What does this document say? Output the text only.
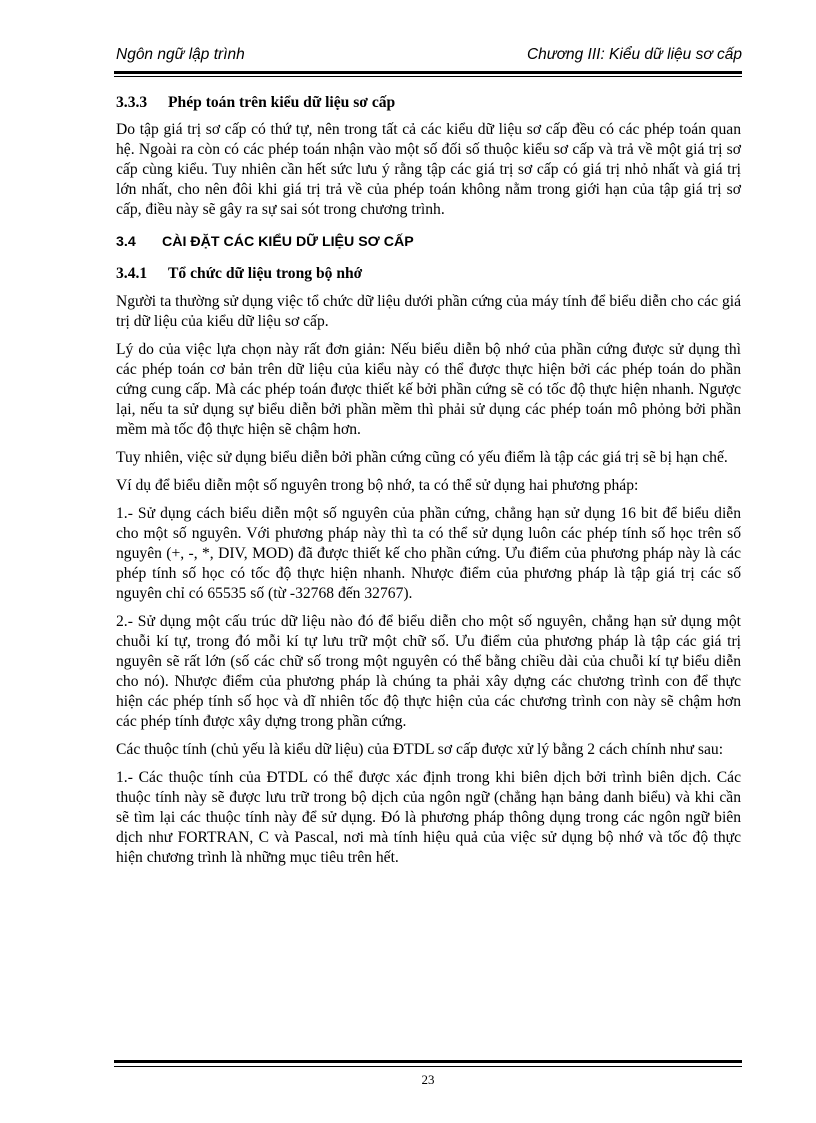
Ngôn ngữ lập trình	Chương III: Kiểu dữ liệu sơ cấp
3.3.3 Phép toán trên kiểu dữ liệu sơ cấp

Do tập giá trị sơ cấp có thứ tự, nên trong tất cả các kiểu dữ liệu sơ cấp đều có các phép toán quan hệ. Ngoài ra còn có các phép toán nhận vào một số đối số thuộc kiểu sơ cấp và trả về một giá trị sơ cấp cùng kiểu. Tuy nhiên cần hết sức lưu ý rằng tập các giá trị sơ cấp có giá trị nhỏ nhất và giá trị lớn nhất, cho nên đôi khi giá trị trả về của phép toán không nằm trong giới hạn của tập giá trị sơ cấp, điều này sẽ gây ra sự sai sót trong chương trình.

3.4 CÀI ĐẶT CÁC KIỂU DỮ LIỆU SƠ CẤP
3.4.1 Tổ chức dữ liệu trong bộ nhớ

Người ta thường sử dụng việc tổ chức dữ liệu dưới phần cứng của máy tính để biểu diễn cho các giá trị dữ liệu của kiểu dữ liệu sơ cấp.

Lý do của việc lựa chọn này rất đơn giản: Nếu biểu diễn bộ nhớ của phần cứng được sử dụng thì các phép toán cơ bản trên dữ liệu của kiểu này có thể được thực hiện bởi các phép toán do phần cứng cung cấp. Mà các phép toán được thiết kế bởi phần cứng sẽ có tốc độ thực hiện nhanh. Ngược lại, nếu ta sử dụng sự biểu diễn bởi phần mềm thì phải sử dụng các phép toán mô phỏng bởi phần mềm mà tốc độ thực hiện sẽ chậm hơn.

Tuy nhiên, việc sử dụng biểu diễn bởi phần cứng cũng có yếu điểm là tập các giá trị sẽ bị hạn chế.

Ví dụ để biểu diễn một số nguyên trong bộ nhớ, ta có thể sử dụng hai phương pháp:

1.- Sử dụng cách biểu diễn một số nguyên của phần cứng, chẳng hạn sử dụng 16 bit để biểu diễn cho một số nguyên. Với phương pháp này thì ta có thể sử dụng luôn các phép tính số học trên số nguyên (+, -, *, DIV, MOD) đã được thiết kế cho phần cứng. Ưu điểm của phương pháp này là các phép tính số học có tốc độ thực hiện nhanh. Nhược điểm của phương pháp là tập giá trị các số nguyên chỉ có 65535 số (từ -32768 đến 32767).

2.- Sử dụng một cấu trúc dữ liệu nào đó để biểu diễn cho một số nguyên, chẳng hạn sử dụng một chuỗi kí tự, trong đó mỗi kí tự lưu trữ một chữ số. Ưu điểm của phương pháp là tập các giá trị nguyên sẽ rất lớn (số các chữ số trong một nguyên có thể bằng chiều dài của chuỗi kí tự biểu diễn cho nó). Nhược điểm của phương pháp là chúng ta phải xây dựng các chương trình con để thực hiện các phép tính số học và dĩ nhiên tốc độ thực hiện của các chương trình con này sẽ chậm hơn các phép tính được xây dựng trong phần cứng.

Các thuộc tính (chủ yếu là kiểu dữ liệu) của ĐTDL sơ cấp được xử lý bằng 2 cách chính như sau:

1.- Các thuộc tính của ĐTDL có thể được xác định trong khi biên dịch bởi trình biên dịch. Các thuộc tính này sẽ được lưu trữ trong bộ dịch của ngôn ngữ (chẳng hạn bảng danh biểu) và khi cần sẽ tìm lại các thuộc tính này để sử dụng. Đó là phương pháp thông dụng trong các ngôn ngữ biên dịch như FORTRAN, C và Pascal, nơi mà tính hiệu quả của việc sử dụng bộ nhớ và tốc độ thực hiện chương trình là những mục tiêu trên hết.

23
